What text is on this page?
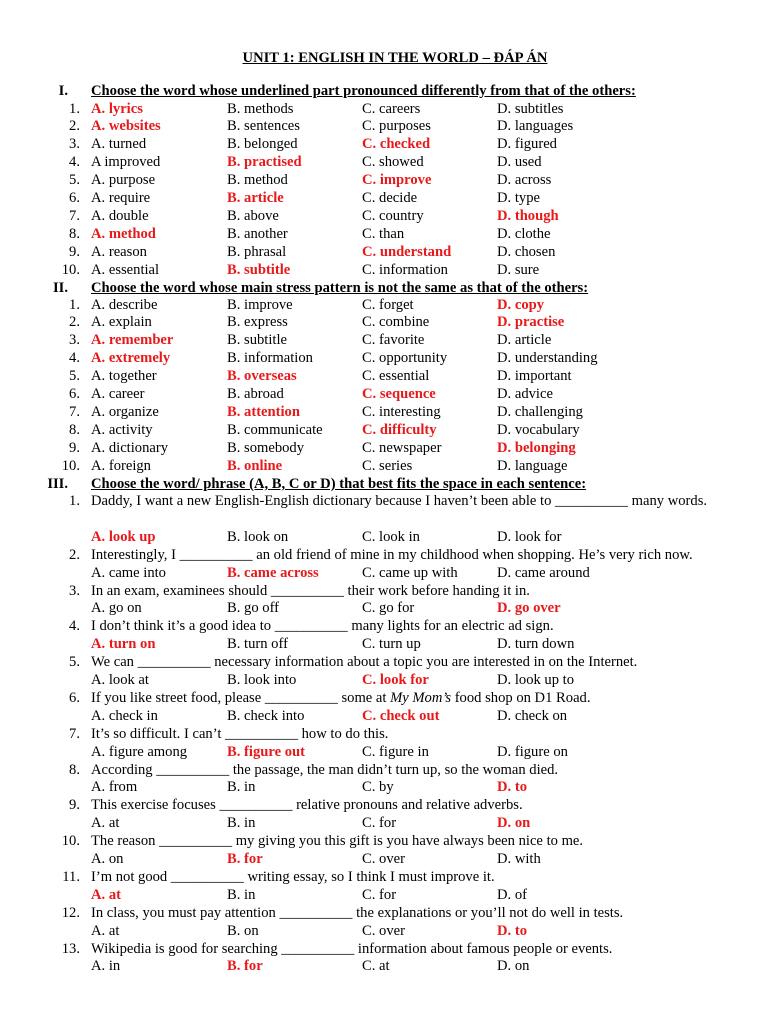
UNIT 1: ENGLISH IN THE WORLD – ĐÁP ÁN
I. Choose the word whose underlined part pronounced differently from that of the others:
II. Choose the word whose main stress pattern is not the same as that of the others:
III. Choose the word/ phrase (A, B, C or D) that best fits the space in each sentence:
1. A. lyrics	B. methods	C. careers	D. subtitles
2. A. websites	B. sentences	C. purposes	D. languages
3. A. turned	B. belonged	C. checked	D. figured
4. A improved	B. practised	C. showed	D. used
5. A. purpose	B. method	C. improve	D. across
6. A. require	B. article	C. decide	D. type
7. A. double	B. above	C. country	D. though
8. A. method	B. another	C. than	D. clothe
9. A. reason	B. phrasal	C. understand	D. chosen
10. A. essential	B. subtitle	C. information	D. sure
1. A. describe	B. improve	C. forget	D. copy
2. A. explain	B. express	C. combine	D. practise
3. A. remember	B. subtitle	C. favorite	D. article
4. A. extremely	B. information	C. opportunity	D. understanding
5. A. together	B. overseas	C. essential	D. important
6. A. career	B. abroad	C. sequence	D. advice
7. A. organize	B. attention	C. interesting	D. challenging
8. A. activity	B. communicate	C. difficulty	D. vocabulary
9. A. dictionary	B. somebody	C. newspaper	D. belonging
10. A. foreign	B. online	C. series	D. language
1. Daddy, I want a new English-English dictionary because I haven’t been able to __________ many words.
A. look up	B. look on	C. look in	D. look for
2. Interestingly, I __________ an old friend of mine in my childhood when shopping. He’s very rich now.
A. came into	B. came across	C. came up with	D. came around
3. In an exam, examinees should __________ their work before handing it in.
A. go on	B. go off	C. go for	D. go over
4. I don’t think it’s a good idea to __________ many lights for an electric ad sign.
A. turn on	B. turn off	C. turn up	D. turn down
5. We can __________ necessary information about a topic you are interested in on the Internet.
A. look at	B. look into	C. look for	D. look up to
6. If you like street food, please __________ some at My Mom’s food shop on D1 Road.
A. check in	B. check into	C. check out	D. check on
7. It’s so difficult. I can’t __________ how to do this.
A. figure among	B. figure out	C. figure in	D. figure on
8. According __________ the passage, the man didn’t turn up, so the woman died.
A. from	B. in	C. by	D. to
9. This exercise focuses __________ relative pronouns and relative adverbs.
A. at	B. in	C. for	D. on
10. The reason __________ my giving you this gift is you have always been nice to me.
A. on	B. for	C. over	D. with
11. I’m not good __________ writing essay, so I think I must improve it.
A. at	B. in	C. for	D. of
12. In class, you must pay attention __________ the explanations or you’ll not do well in tests.
A. at	B. on	C. over	D. to
13. Wikipedia is good for searching __________ information about famous people or events.
A. in	B. for	C. at	D. on
